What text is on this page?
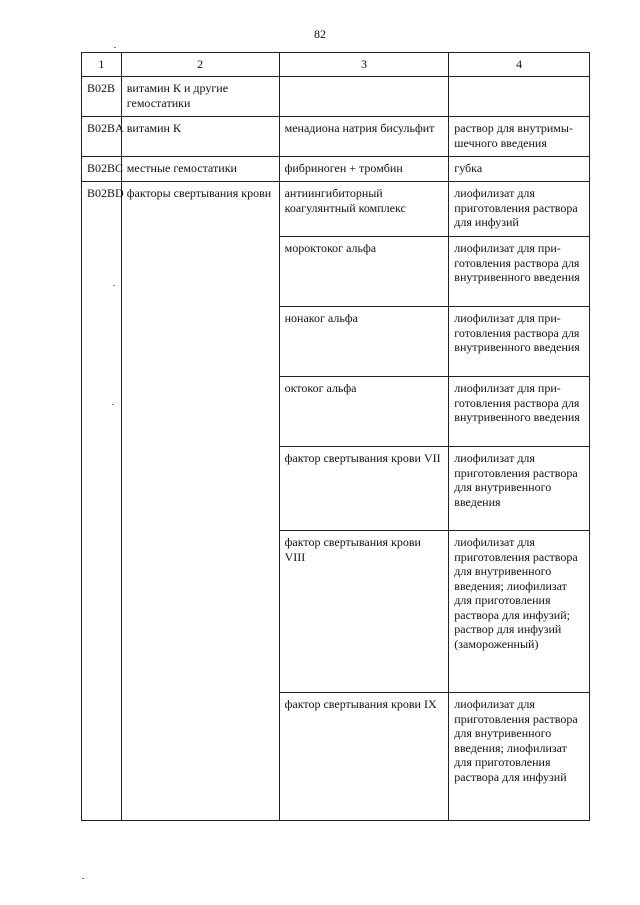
82
1	2	3	4
B02B	витамин К и другие гемостатики		
B02BA	витамин К	менадиона натрия бисульфит	раствор для внутримы-шечного введения
B02BC	местные гемостатики	фибриноген + тромбин	губка
B02BD	факторы свертывания крови	антиингибиторный коагулянтный комплекс	лиофилизат для приготовления раствора для инфузий
		мороктоког альфа	лиофилизат для при-готовления раствора для внутривенного введения
		нонаког альфа	лиофилизат для при-готовления раствора для внутривенного введения
		октоког альфа	лиофилизат для при-готовления раствора для внутривенного введения
		фактор свертывания крови VII	лиофилизат для приготовления раствора для внутривенного введения
		фактор свертывания крови VIII	лиофилизат для приготовления раствора для внутривенного введения; лиофилизат для приготовления раствора для инфузий; раствор для инфузий (замороженный)
		фактор свертывания крови IX	лиофилизат для приготовления раствора для внутривенного введения; лиофилизат для приготовления раствора для инфузий
